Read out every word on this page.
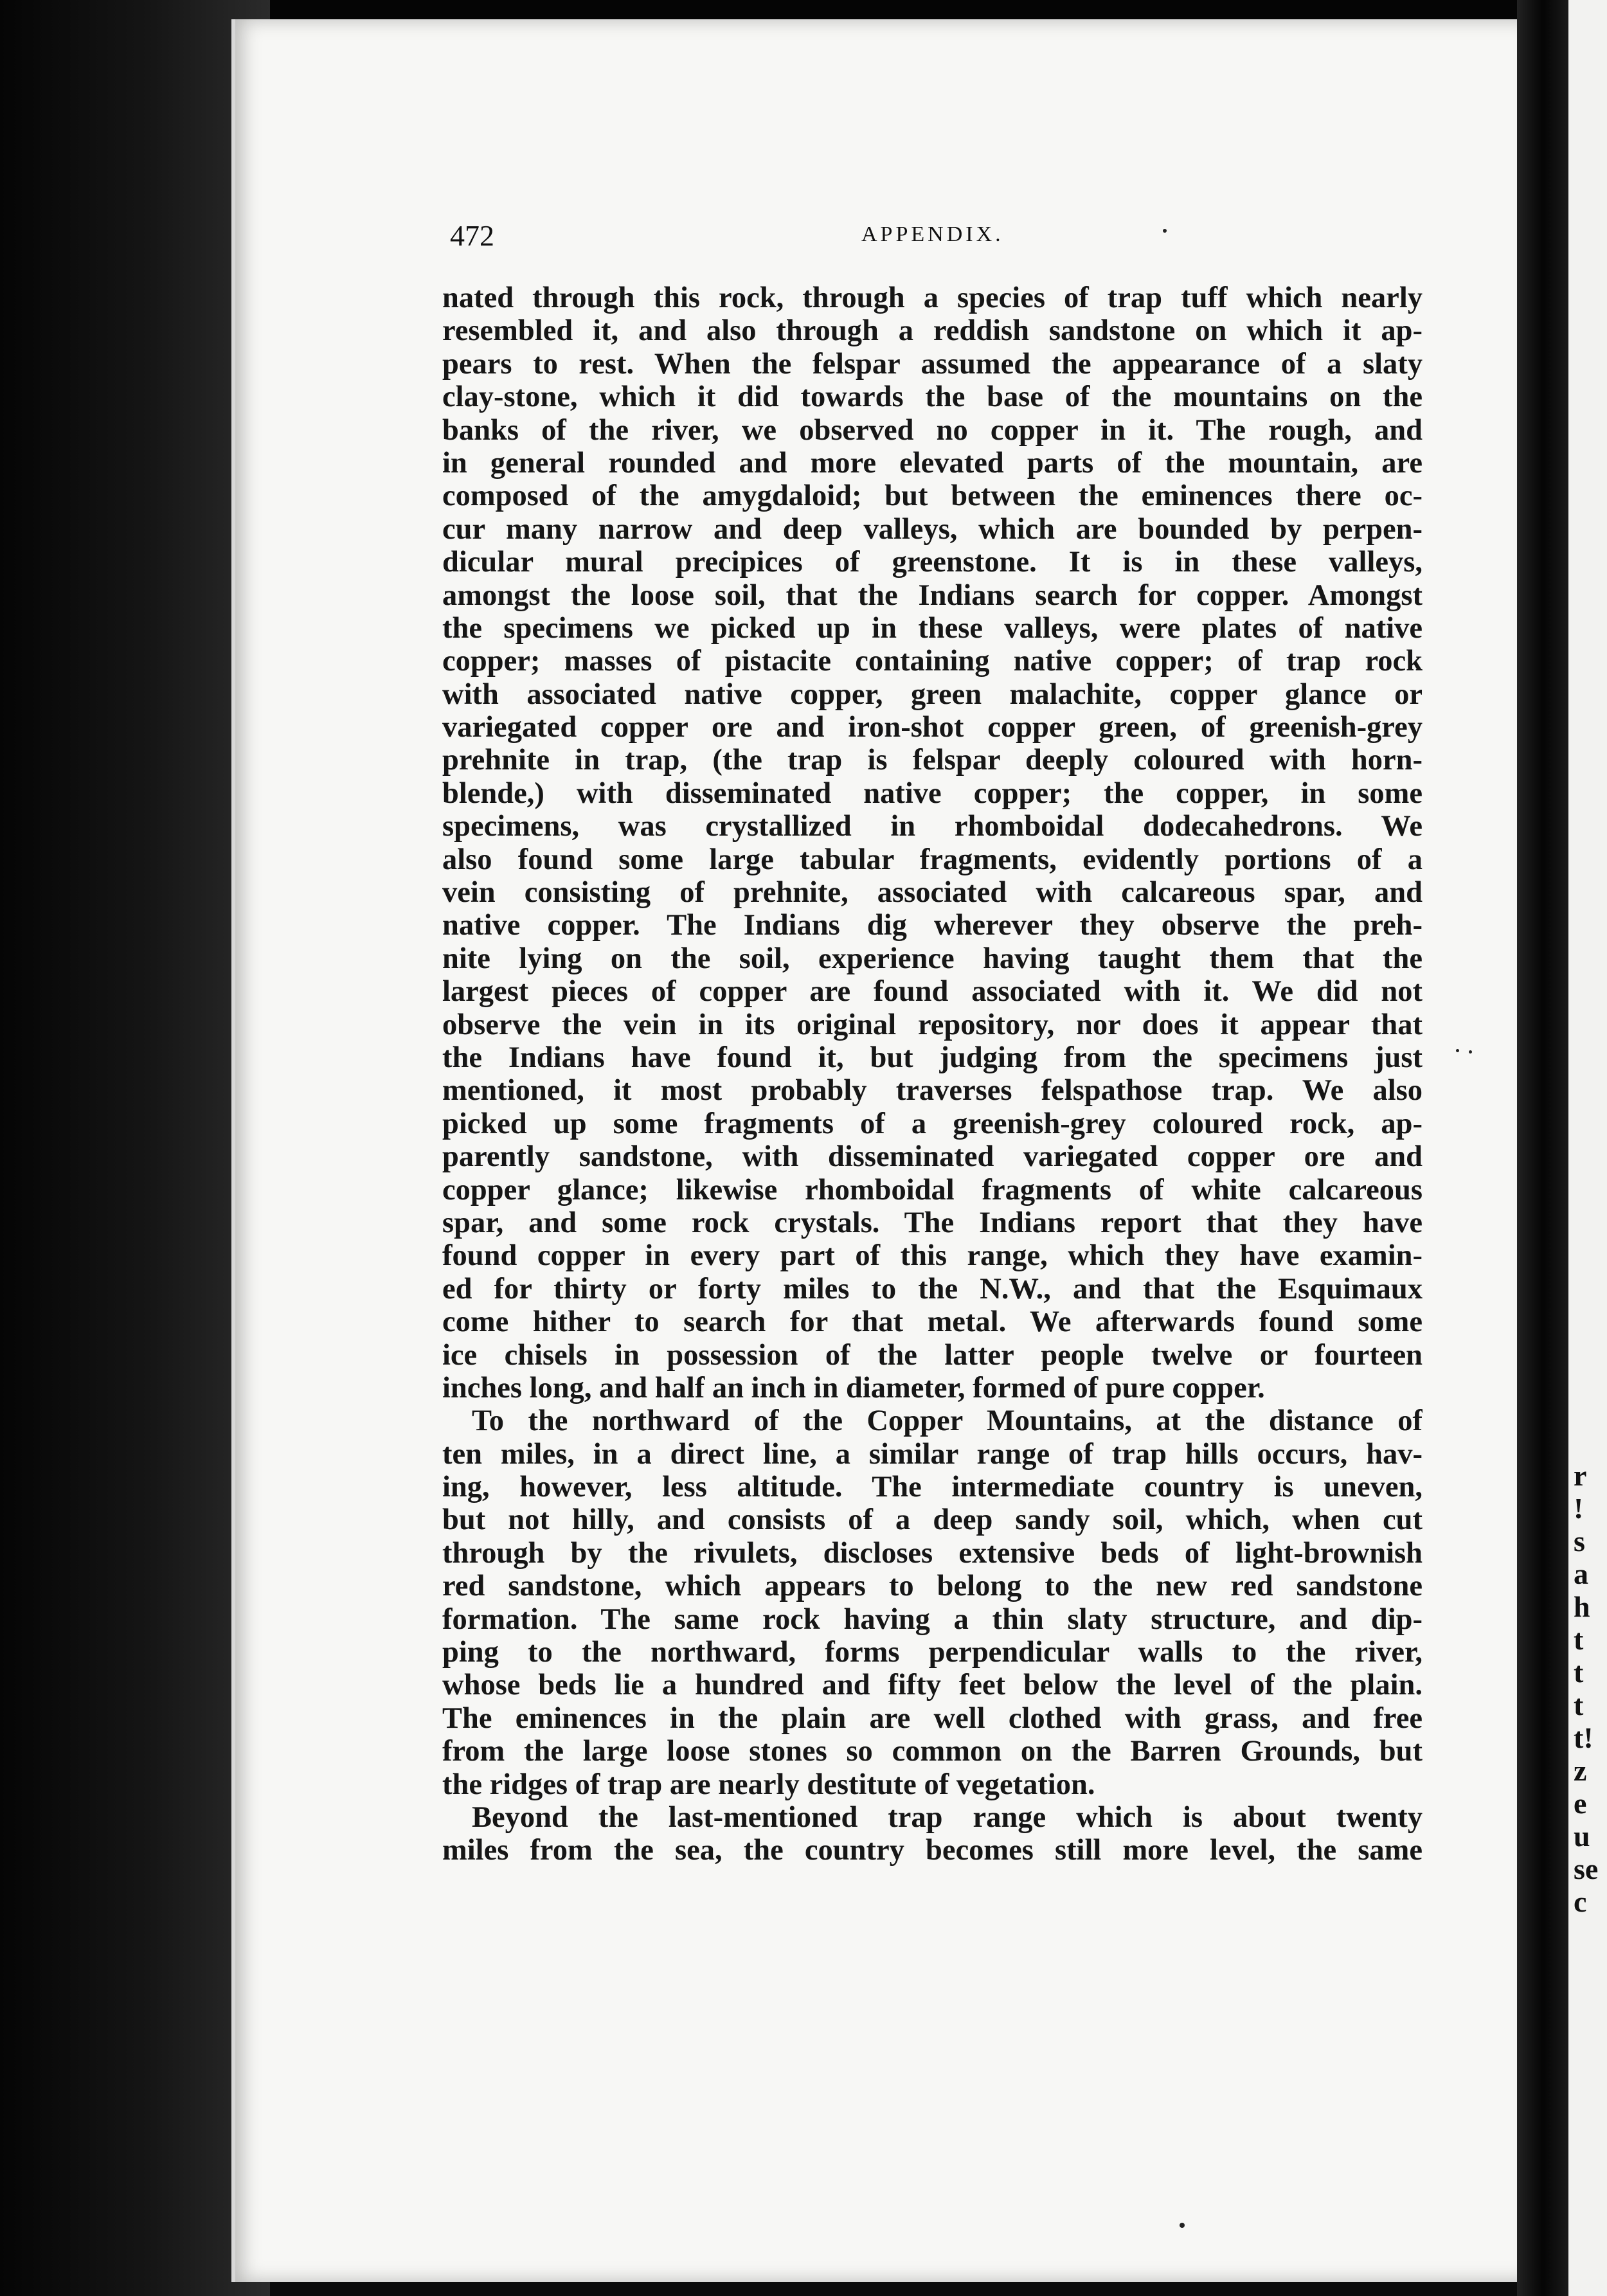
r
!
s
a
h
t
t
t
t!
z
e
u
se
c
472	APPENDIX.
nated through this rock, through a species of trap tuff which nearly
resembled it, and also through a reddish sandstone on which it ap-
pears to rest. When the felspar assumed the appearance of a slaty
clay-stone, which it did towards the base of the mountains on the
banks of the river, we observed no copper in it. The rough, and
in general rounded and more elevated parts of the mountain, are
composed of the amygdaloid; but between the eminences there oc-
cur many narrow and deep valleys, which are bounded by perpen-
dicular mural precipices of greenstone. It is in these valleys,
amongst the loose soil, that the Indians search for copper. Amongst
the specimens we picked up in these valleys, were plates of native
copper; masses of pistacite containing native copper; of trap rock
with associated native copper, green malachite, copper glance or
variegated copper ore and iron-shot copper green, of greenish-grey
prehnite in trap, (the trap is felspar deeply coloured with horn-
blende,) with disseminated native copper; the copper, in some
specimens, was crystallized in rhomboidal dodecahedrons. We
also found some large tabular fragments, evidently portions of a
vein consisting of prehnite, associated with calcareous spar, and
native copper. The Indians dig wherever they observe the preh-
nite lying on the soil, experience having taught them that the
largest pieces of copper are found associated with it. We did not
observe the vein in its original repository, nor does it appear that
the Indians have found it, but judging from the specimens just
mentioned, it most probably traverses felspathose trap. We also
picked up some fragments of a greenish-grey coloured rock, ap-
parently sandstone, with disseminated variegated copper ore and
copper glance; likewise rhomboidal fragments of white calcareous
spar, and some rock crystals. The Indians report that they have
found copper in every part of this range, which they have examin-
ed for thirty or forty miles to the N.W., and that the Esquimaux
come hither to search for that metal. We afterwards found some
ice chisels in possession of the latter people twelve or fourteen
inches long, and half an inch in diameter, formed of pure copper.
To the northward of the Copper Mountains, at the distance of
ten miles, in a direct line, a similar range of trap hills occurs, hav-
ing, however, less altitude. The intermediate country is uneven,
but not hilly, and consists of a deep sandy soil, which, when cut
through by the rivulets, discloses extensive beds of light-brownish
red sandstone, which appears to belong to the new red sandstone
formation. The same rock having a thin slaty structure, and dip-
ping to the northward, forms perpendicular walls to the river,
whose beds lie a hundred and fifty feet below the level of the plain.
The eminences in the plain are well clothed with grass, and free
from the large loose stones so common on the Barren Grounds, but
the ridges of trap are nearly destitute of vegetation.
Beyond the last-mentioned trap range which is about twenty
miles from the sea, the country becomes still more level, the same
